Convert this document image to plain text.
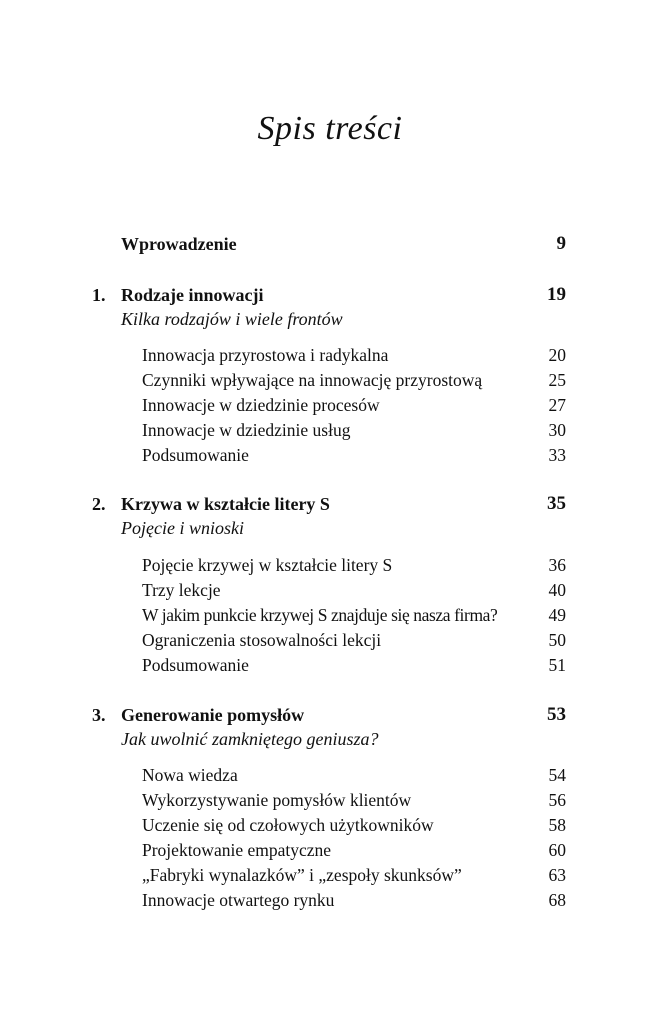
Spis treści
Wprowadzenie	9
1. Rodzaje innowacji	19
Kilka rodzajów i wiele frontów
Innowacja przyrostowa i radykalna	20
Czynniki wpływające na innowację przyrostową	25
Innowacje w dziedzinie procesów	27
Innowacje w dziedzinie usług	30
Podsumowanie	33
2. Krzywa w kształcie litery S	35
Pojęcie i wnioski
Pojęcie krzywej w kształcie litery S	36
Trzy lekcje	40
W jakim punkcie krzywej S znajduje się nasza firma?	49
Ograniczenia stosowalności lekcji	50
Podsumowanie	51
3. Generowanie pomysłów	53
Jak uwolnić zamkniętego geniusza?
Nowa wiedza	54
Wykorzystywanie pomysłów klientów	56
Uczenie się od czołowych użytkowników	58
Projektowanie empatyczne	60
„Fabryki wynalazków” i „zespoły skunksów”	63
Innowacje otwartego rynku	68
